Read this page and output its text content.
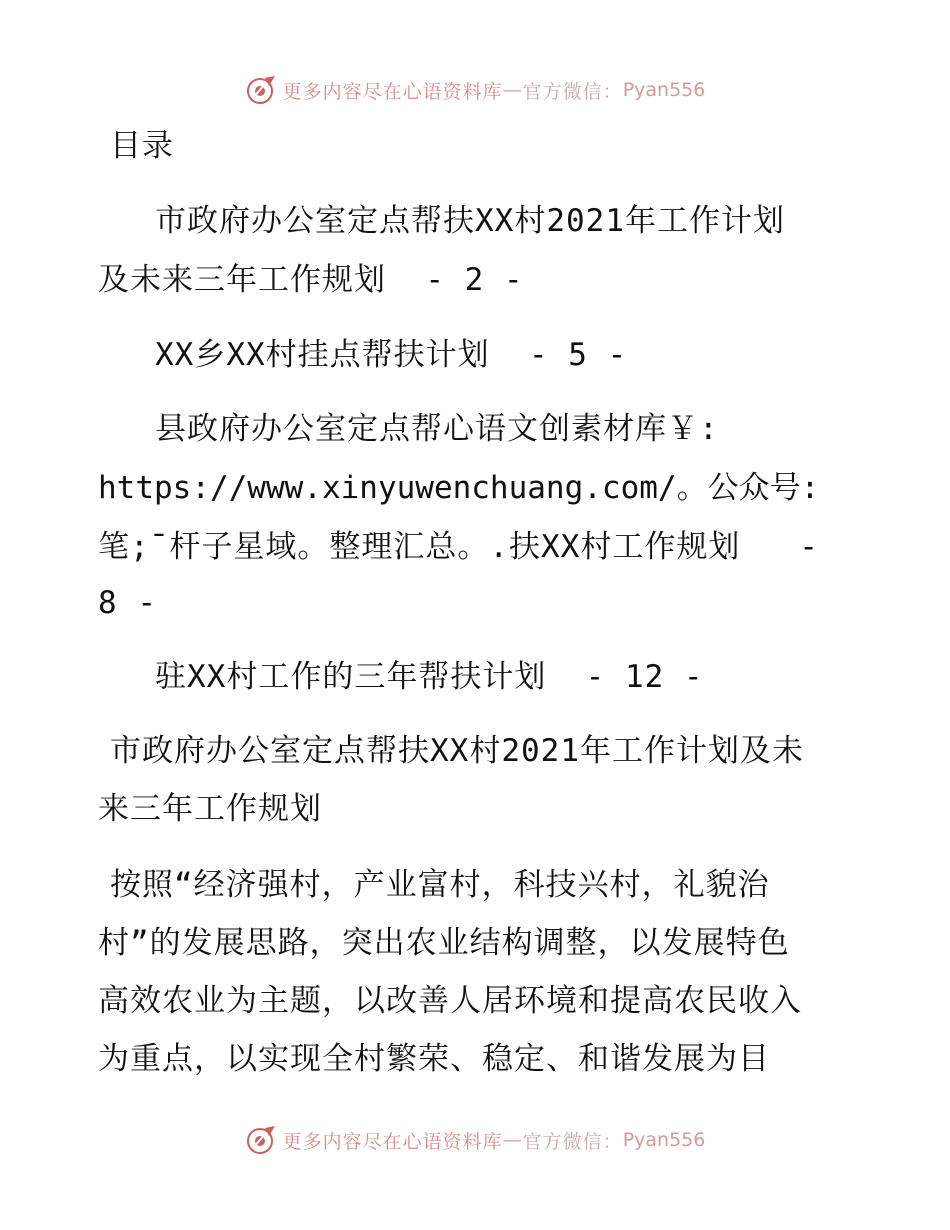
更多内容尽在心语资料库 — 官方微信： Pyan556
目录
市政府办公室定点帮扶XX村2021年工作计划
及未来三年工作规划  - 2 -
XX乡XX村挂点帮扶计划  - 5 -
县政府办公室定点帮心语文创素材库￥:
https://www.xinyuwenchuang.com/。公众号:
笔;¯杆子星域。整理汇总。.扶XX村工作规划   -
8 -
驻XX村工作的三年帮扶计划  - 12 -
市政府办公室定点帮扶XX村2021年工作计划及未
来三年工作规划
按照“经济强村，产业富村，科技兴村，礼貌治
村”的发展思路，突出农业结构调整，以发展特色
高效农业为主题，以改善人居环境和提高农民收入
为重点，以实现全村繁荣、稳定、和谐发展为目
更多内容尽在心语资料库 — 官方微信： Pyan556
